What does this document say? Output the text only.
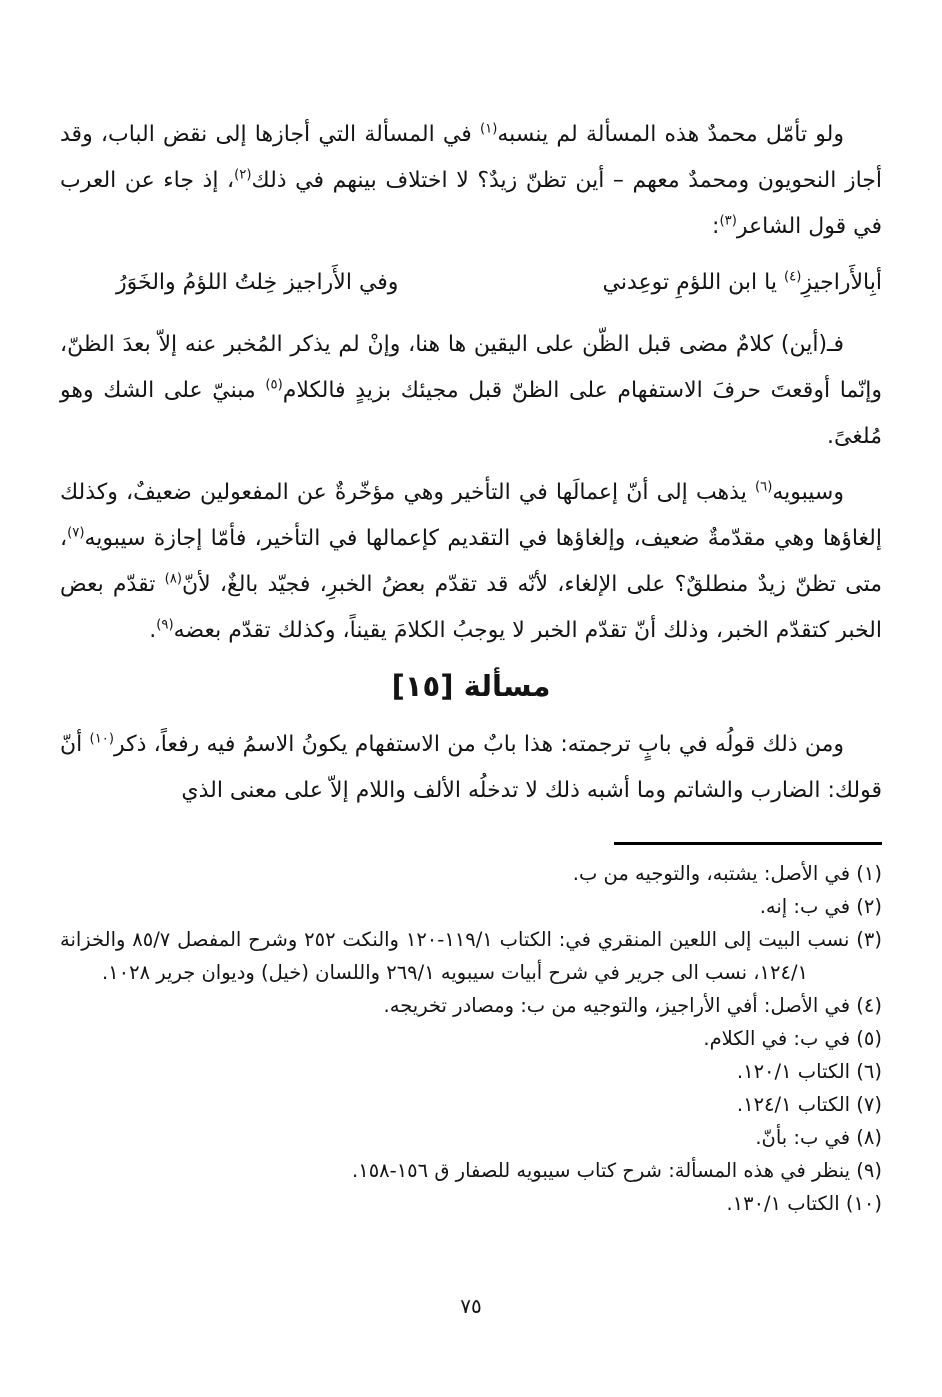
ولو تأمّل محمدٌ هذه المسألة لم ينسبه$^{(١)}$ في المسألة التي أجازها إلى نقض الباب، وقد أجاز النحويون ومحمدٌ معهم – أين تظنّ زيدٌ؟ لا اختلاف بينهم في ذلك$^{(٢)}$، إذ جاء عن العرب في قول الشاعر$^{(٣)}$:

أبِالأَراجيزِ$^{(٤)}$ يا ابن اللؤمِ توعِدني
وفي الأَراجيز خِلتُ اللؤمُ والخَوَرُ

فـ(أين) كلامٌ مضى قبل الظّن على اليقين ها هنا، وإنْ لم يذكر المُخبر عنه إلاّ بعدَ الظنّ، وإنّما أوقعتَ حرفَ الاستفهام على الظنّ قبل مجيئك بزيدٍ فالكلام$^{(٥)}$ مبنيّ على الشك وهو مُلغىً.

وسيبويه$^{(٦)}$ يذهب إلى أنّ إعمالَها في التأخير وهي مؤخّرةٌ عن المفعولين ضعيفٌ، وكذلك إلغاؤها وهي مقدّمةٌ ضعيف، وإلغاؤها في التقديم كإعمالها في التأخير، فأمّا إجازة سيبويه$^{(٧)}$، متى تظنّ زيدٌ منطلقٌ؟ على الإلغاء، لأنّه قد تقدّم بعضُ الخبرِ، فجيّد بالغٌ، لأنّ$^{(٨)}$ تقدّم بعض الخبر كتقدّم الخبر، وذلك أنّ تقدّم الخبر لا يوجبُ الكلامَ يقيناً، وكذلك تقدّم بعضه$^{(٩)}$.

مسألة [١٥]

ومن ذلك قولُه في بابٍ ترجمته: هذا بابٌ من الاستفهام يكونُ الاسمُ فيه رفعاً، ذكر$^{(١٠)}$ أنّ قولك: الضارب والشاتم وما أشبه ذلك لا تدخلُه الألف واللام إلاّ على معنى الذي

(١) في الأصل: يشتبه، والتوجيه من ب.

(٢) في ب: إنه.

(٣) نسب البيت إلى اللعين المنقري في: الكتاب ١١٩/١-١٢٠ والنكت ٢٥٢ وشرح المفصل ٨٥/٧ والخزانة ١٢٤/١، نسب الى جرير في شرح أبيات سيبويه ٢٦٩/١ واللسان (خيل) وديوان جرير ١٠٢٨.

(٤) في الأصل: أفي الأراجيز، والتوجيه من ب: ومصادر تخريجه.

(٥) في ب: في الكلام.

(٦) الكتاب ١٢٠/١.

(٧) الكتاب ١٢٤/١.

(٨) في ب: بأنّ.

(٩) ينظر في هذه المسألة: شرح كتاب سيبويه للصفار ق ١٥٦-١٥٨.

(١٠) الكتاب ١٣٠/١.

٧٥
